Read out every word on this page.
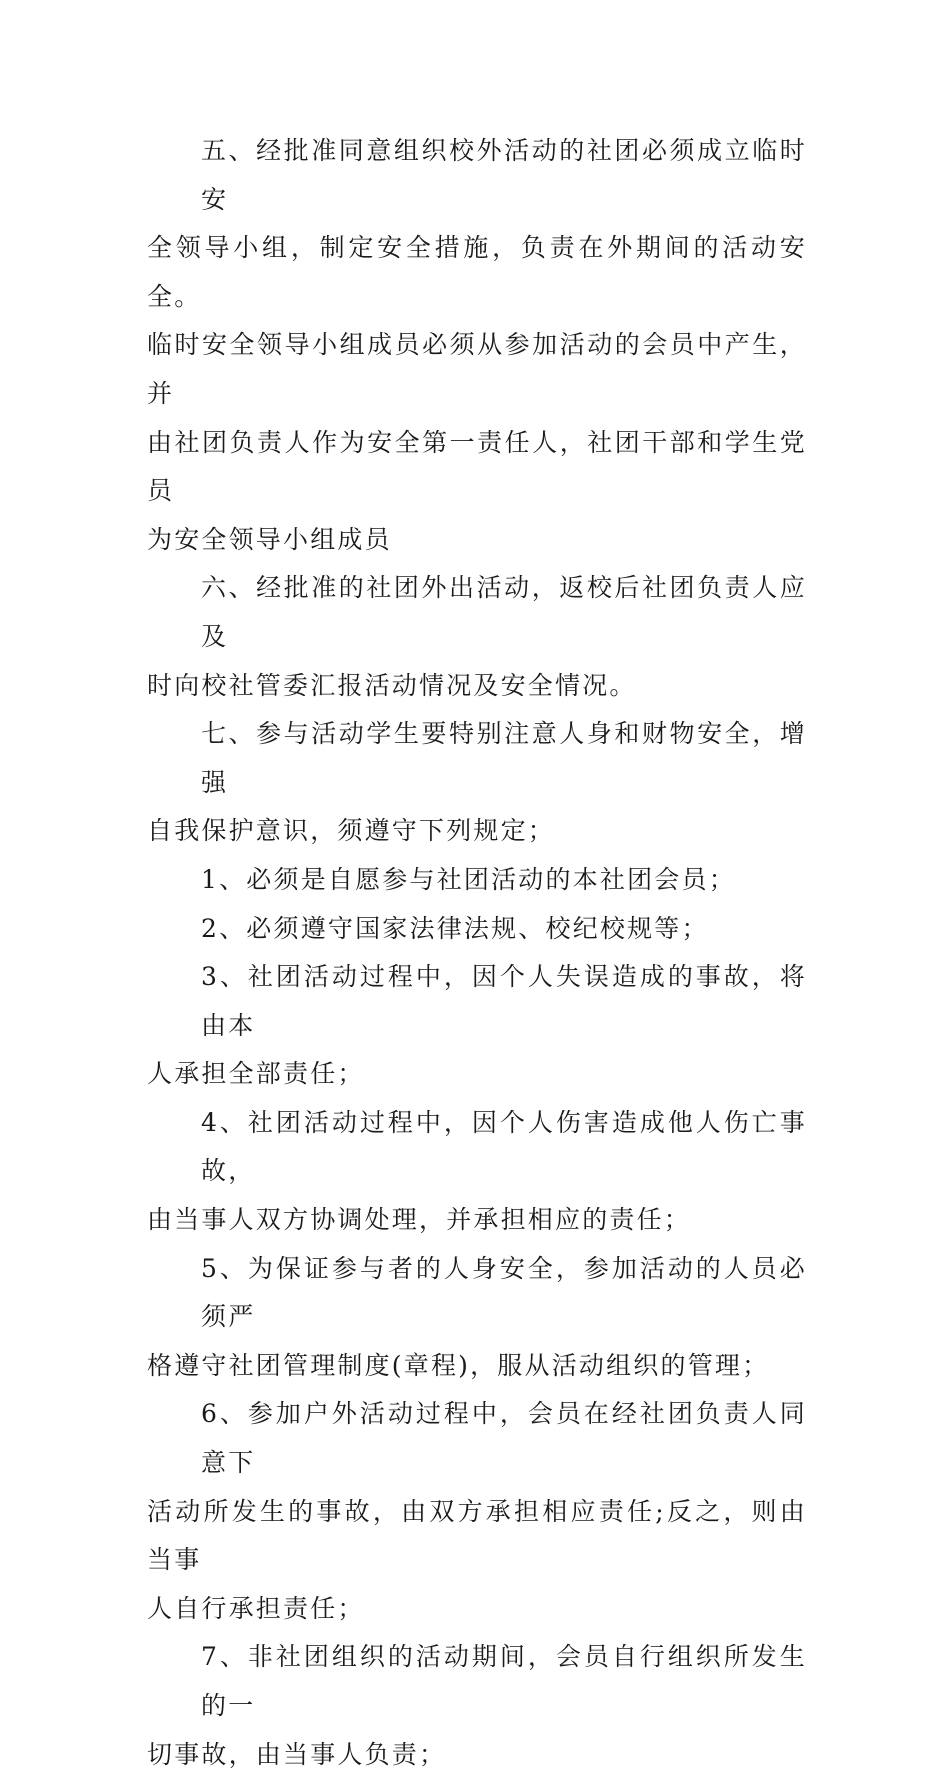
五、经批准同意组织校外活动的社团必须成立临时安
全领导小组，制定安全措施，负责在外期间的活动安全。
临时安全领导小组成员必须从参加活动的会员中产生，并
由社团负责人作为安全第一责任人，社团干部和学生党员
为安全领导小组成员

六、经批准的社团外出活动，返校后社团负责人应及
时向校社管委汇报活动情况及安全情况。

七、参与活动学生要特别注意人身和财物安全，增强
自我保护意识，须遵守下列规定；

1、必须是自愿参与社团活动的本社团会员；

2、必须遵守国家法律法规、校纪校规等；

3、社团活动过程中，因个人失误造成的事故，将由本
人承担全部责任；

4、社团活动过程中，因个人伤害造成他人伤亡事故，
由当事人双方协调处理，并承担相应的责任；

5、为保证参与者的人身安全，参加活动的人员必须严
格遵守社团管理制度(章程)，服从活动组织的管理；

6、参加户外活动过程中，会员在经社团负责人同意下
活动所发生的事故，由双方承担相应责任;反之，则由当事
人自行承担责任；

7、非社团组织的活动期间，会员自行组织所发生的一
切事故，由当事人负责；
